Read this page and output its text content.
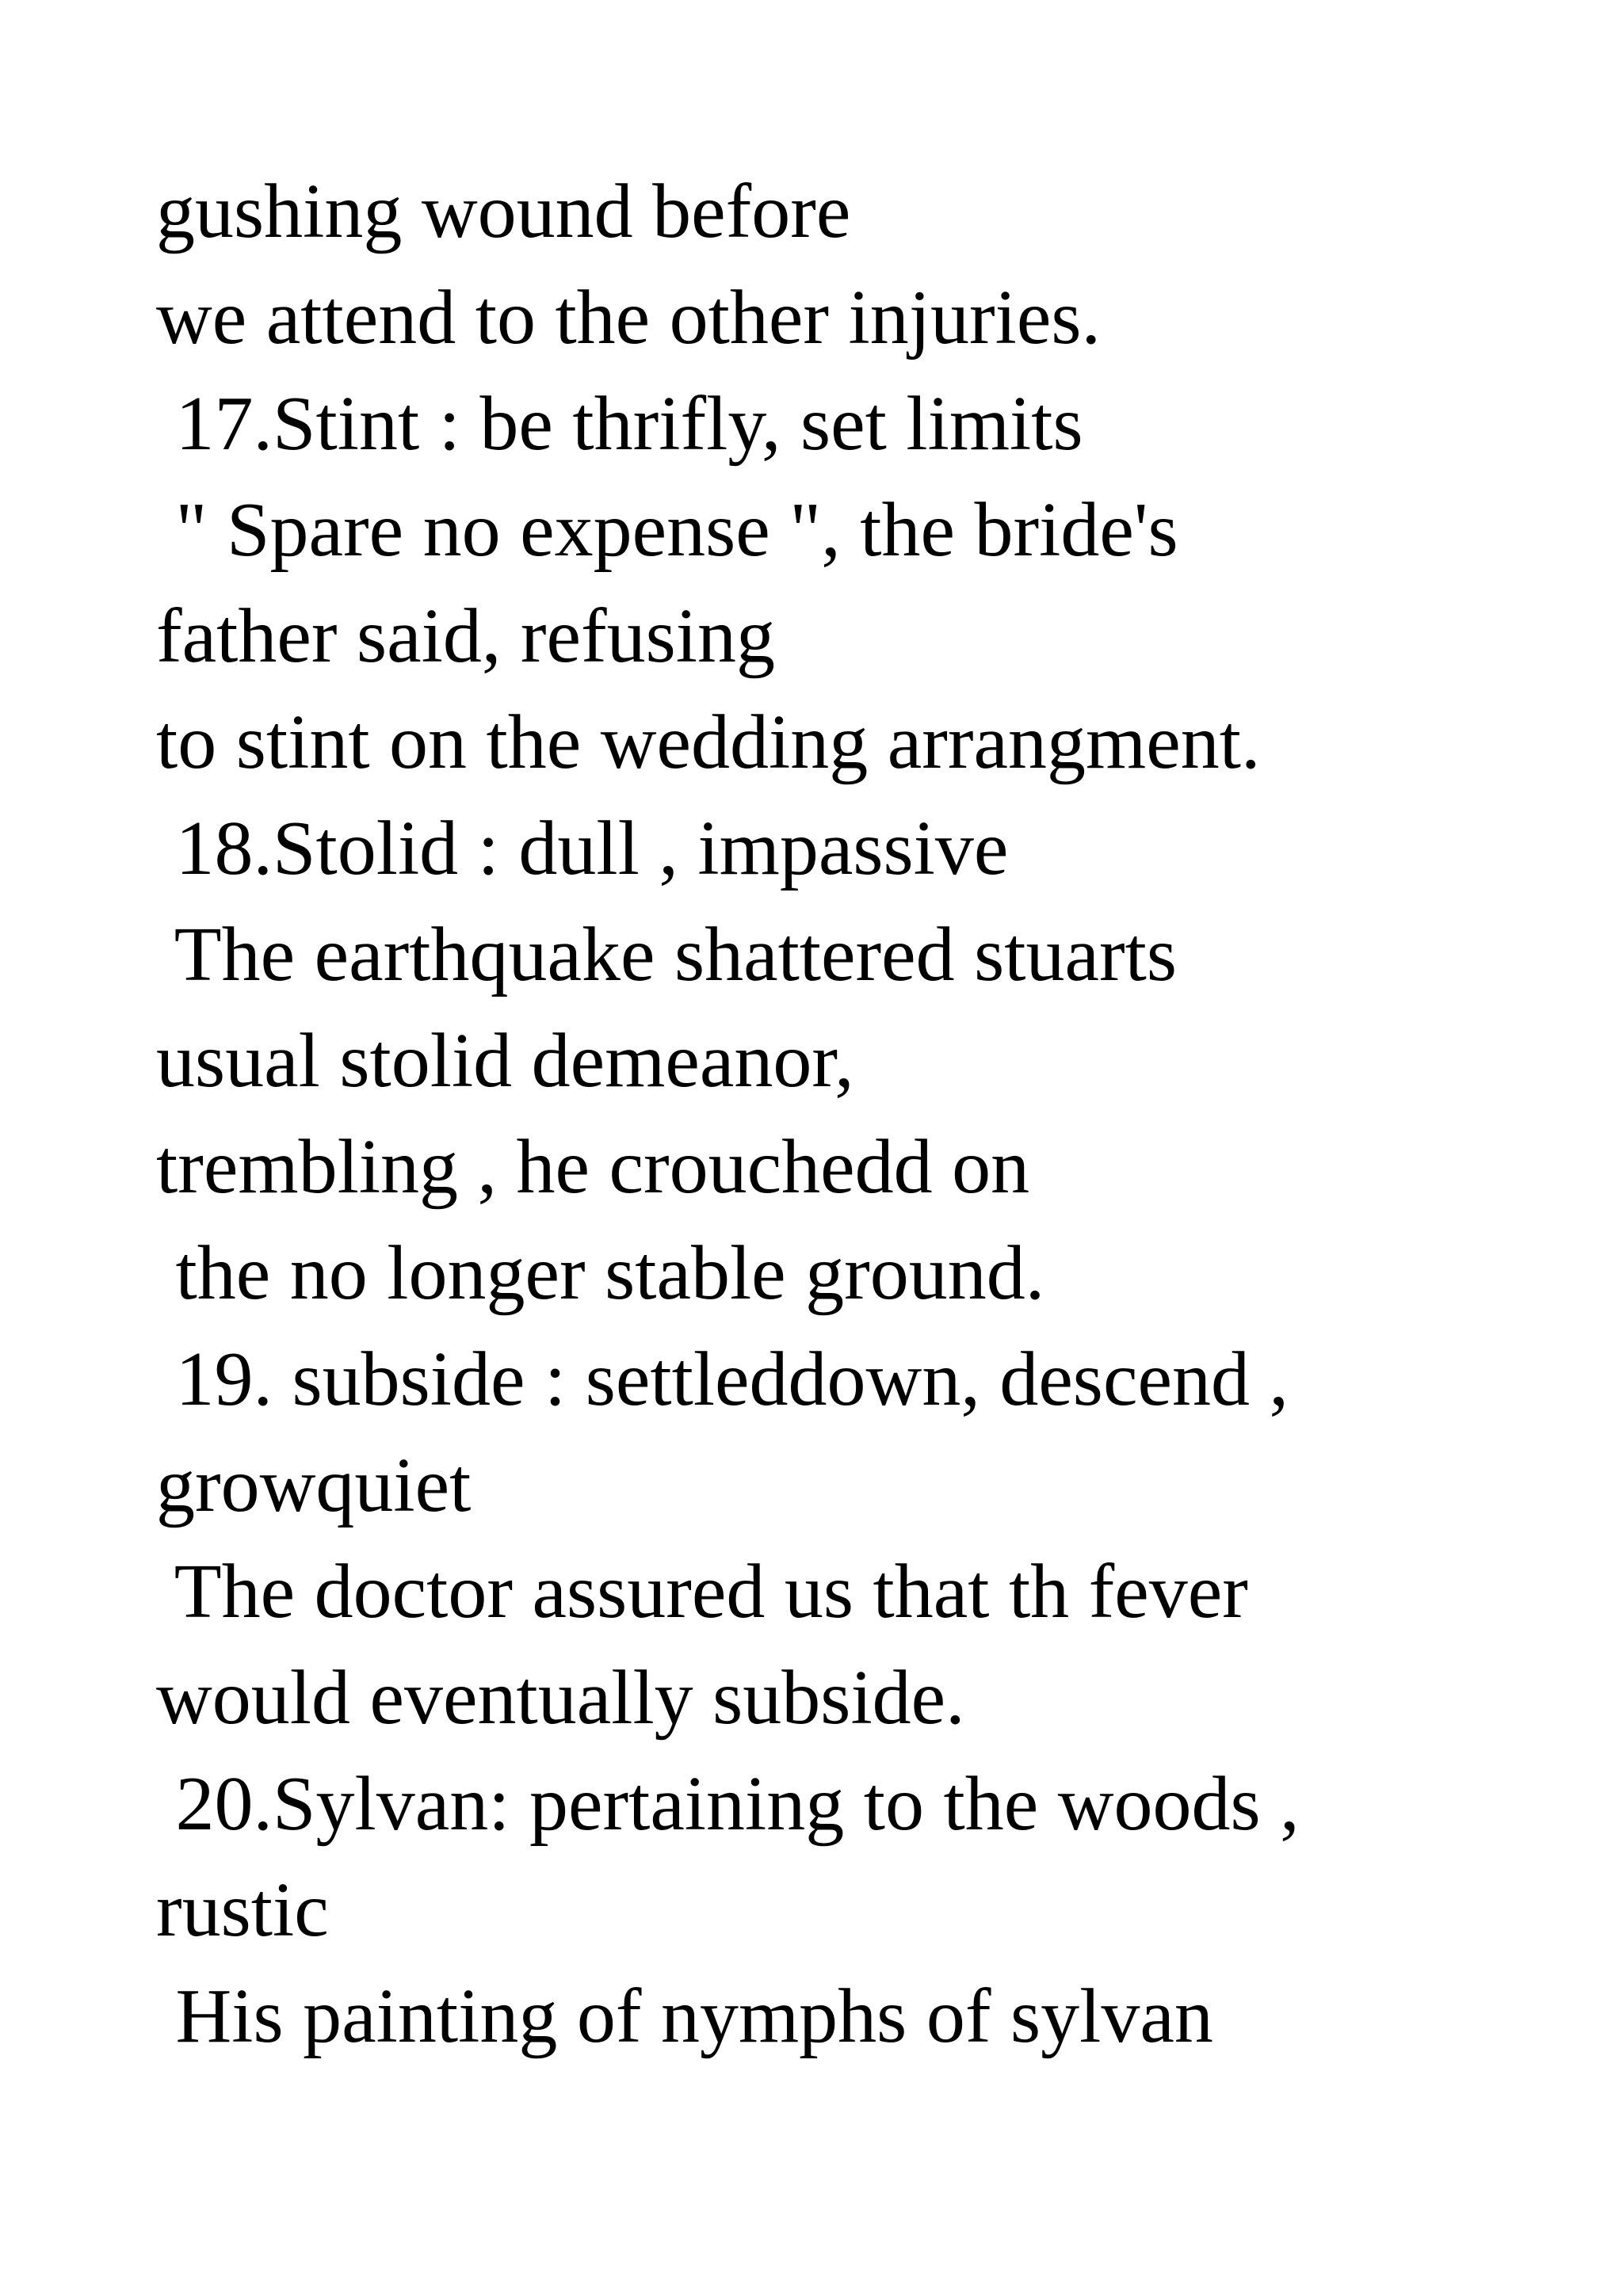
gushing wound before

we attend to the other injuries.

17.Stint : be thrifly, set limits

" Spare no expense ", the bride's

father said, refusing

to stint on the wedding arrangment.

18.Stolid : dull , impassive

The earthquake shattered stuarts

usual stolid demeanor,

trembling , he crouchedd on

the no longer stable ground.

19. subside : settleddown, descend ,

growquiet

The doctor assured us that th fever

would eventually subside.

20.Sylvan: pertaining to the woods ,

rustic

His painting of nymphs of sylvan
